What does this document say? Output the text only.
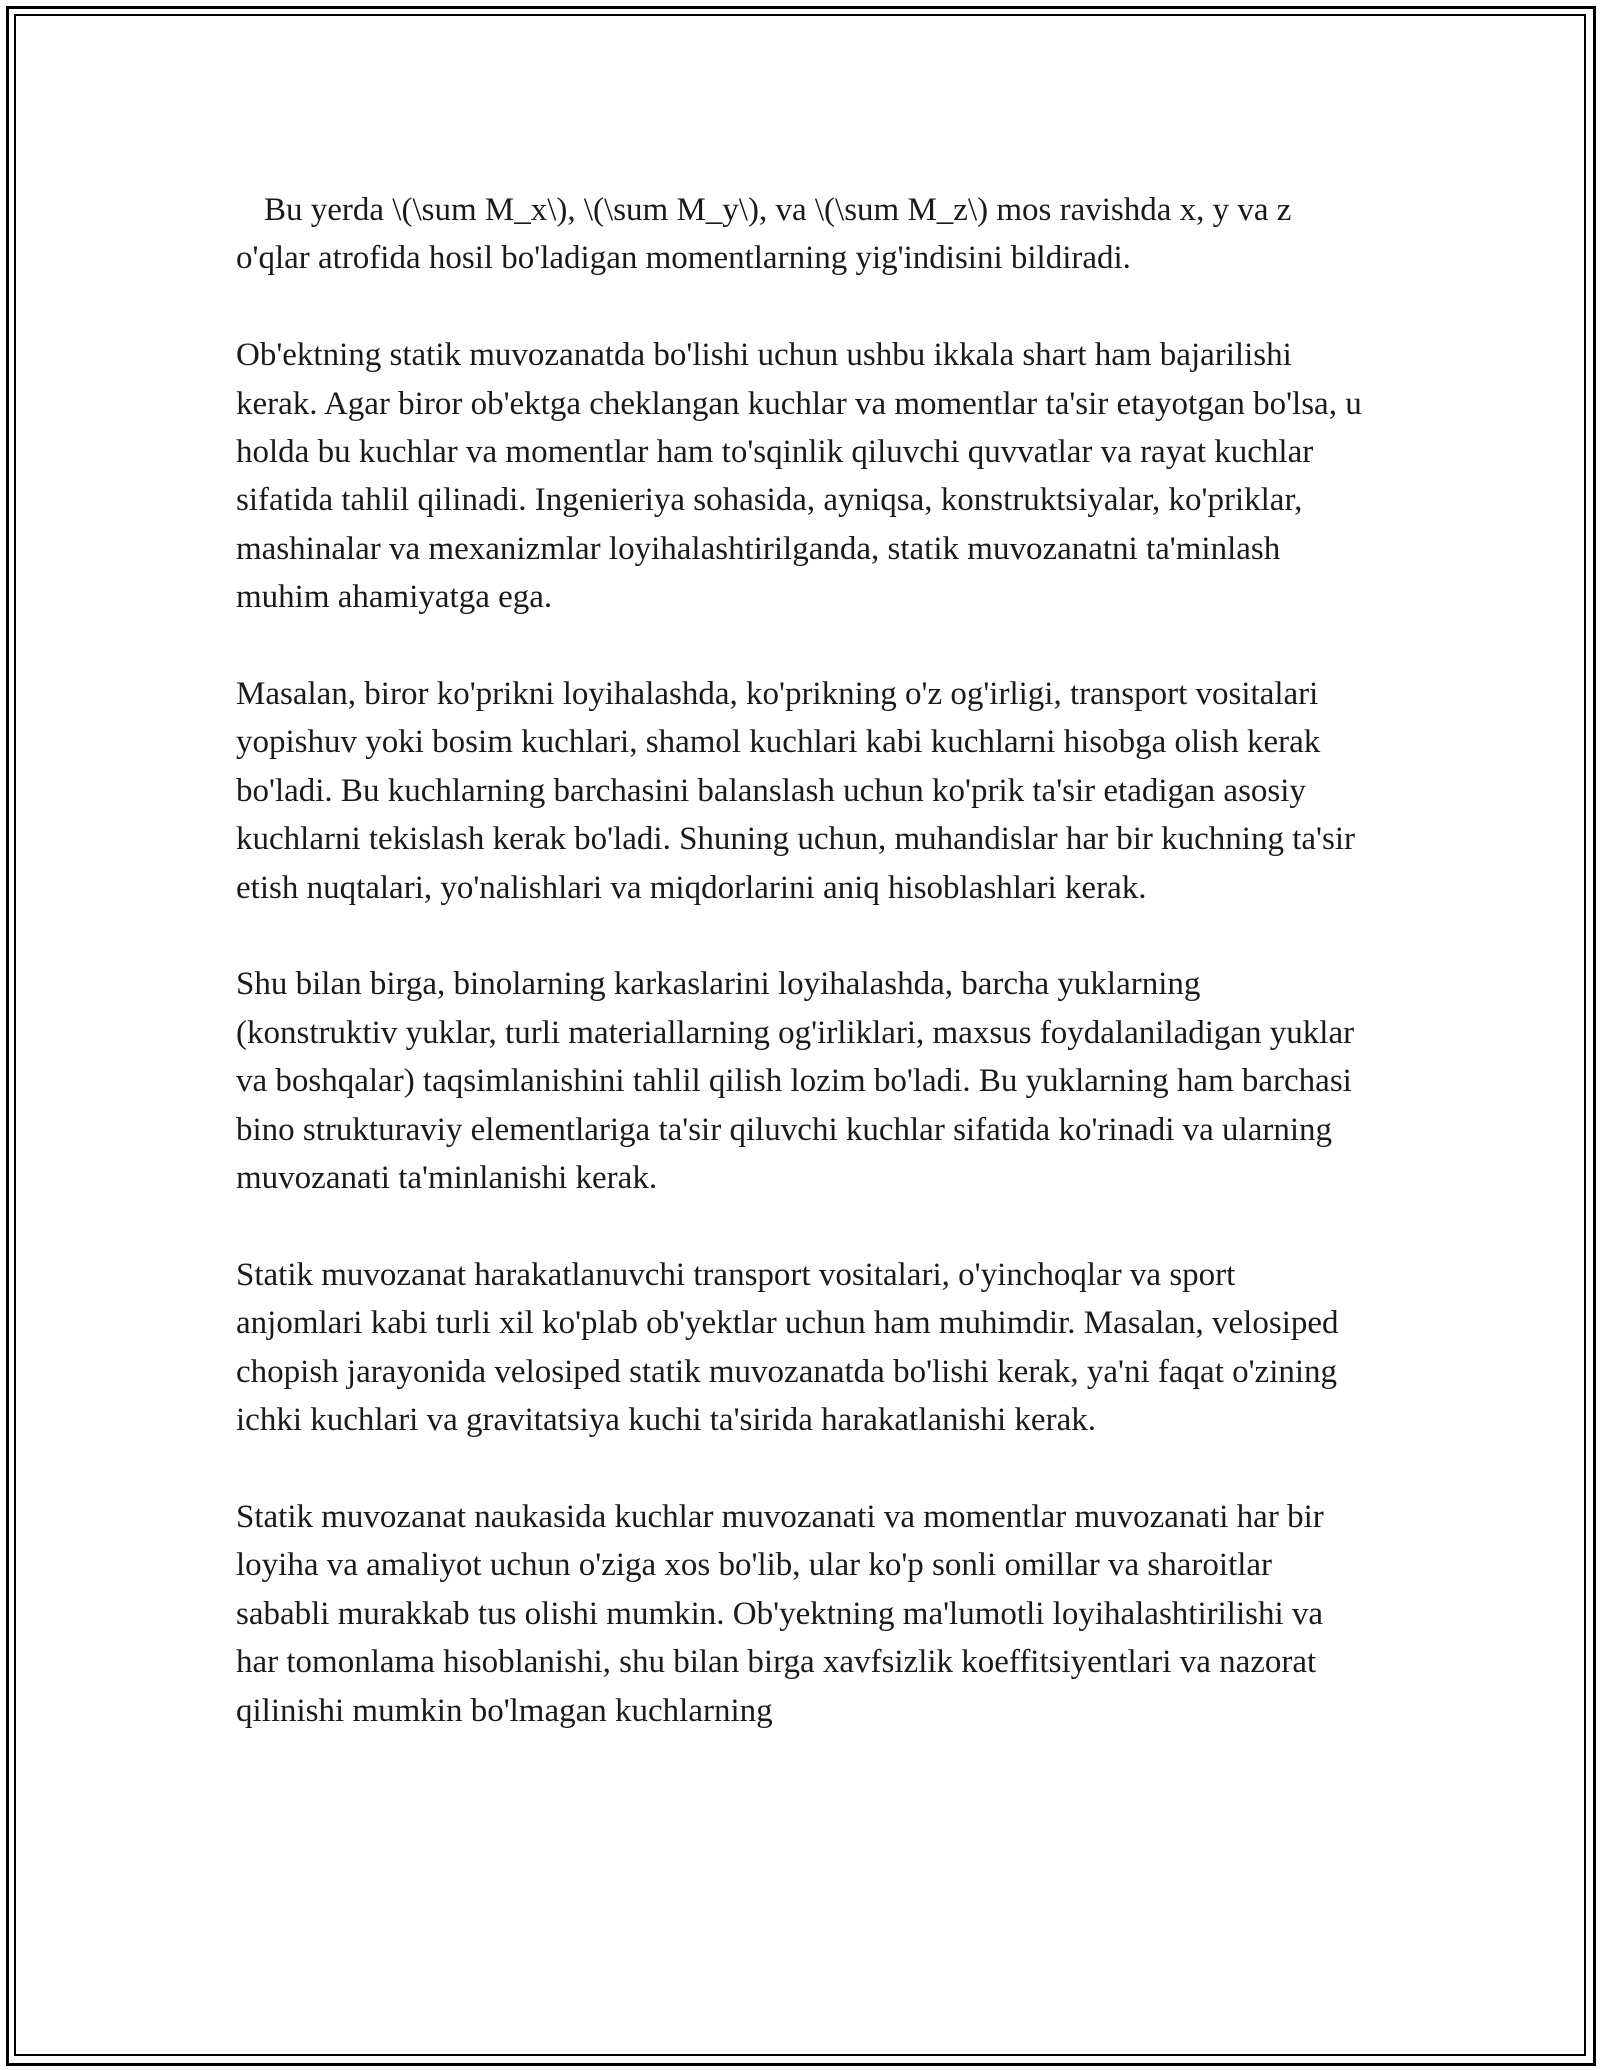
Bu yerda \(\sum M_x\), \(\sum M_y\), va \(\sum M_z\) mos ravishda x, y va z o'qlar atrofida hosil bo'ladigan momentlarning yig'indisini bildiradi.

Ob'ektning statik muvozanatda bo'lishi uchun ushbu ikkala shart ham bajarilishi kerak. Agar biror ob'ektga cheklangan kuchlar va momentlar ta'sir etayotgan bo'lsa, u holda bu kuchlar va momentlar ham to'sqinlik qiluvchi quvvatlar va rayat kuchlar sifatida tahlil qilinadi. Ingenieriya sohasida, ayniqsa, konstruktsiyalar, ko'priklar, mashinalar va mexanizmlar loyihalashtirilganda, statik muvozanatni ta'minlash muhim ahamiyatga ega.

Masalan, biror ko'prikni loyihalashda, ko'prikning o'z og'irligi, transport vositalari yopishuv yoki bosim kuchlari, shamol kuchlari kabi kuchlarni hisobga olish kerak bo'ladi. Bu kuchlarning barchasini balanslash uchun ko'prik ta'sir etadigan asosiy kuchlarni tekislash kerak bo'ladi. Shuning uchun, muhandislar har bir kuchning ta'sir etish nuqtalari, yo'nalishlari va miqdorlarini aniq hisoblashlari kerak.

Shu bilan birga, binolarning karkaslarini loyihalashda, barcha yuklarning (konstruktiv yuklar, turli materiallarning og'irliklari, maxsus foydalaniladigan yuklar va boshqalar) taqsimlanishini tahlil qilish lozim bo'ladi. Bu yuklarning ham barchasi bino strukturaviy elementlariga ta'sir qiluvchi kuchlar sifatida ko'rinadi va ularning muvozanati ta'minlanishi kerak.

Statik muvozanat harakatlanuvchi transport vositalari, o'yinchoqlar va sport anjomlari kabi turli xil ko'plab ob'yektlar uchun ham muhimdir. Masalan, velosiped chopish jarayonida velosiped statik muvozanatda bo'lishi kerak, ya'ni faqat o'zining ichki kuchlari va gravitatsiya kuchi ta'sirida harakatlanishi kerak.

Statik muvozanat naukasida kuchlar muvozanati va momentlar muvozanati har bir loyiha va amaliyot uchun o'ziga xos bo'lib, ular ko'p sonli omillar va sharoitlar sababli murakkab tus olishi mumkin. Ob'yektning ma'lumotli loyihalashtirilishi va har tomonlama hisoblanishi, shu bilan birga xavfsizlik koeffitsiyentlari va nazorat qilinishi mumkin bo'lmagan kuchlarning
